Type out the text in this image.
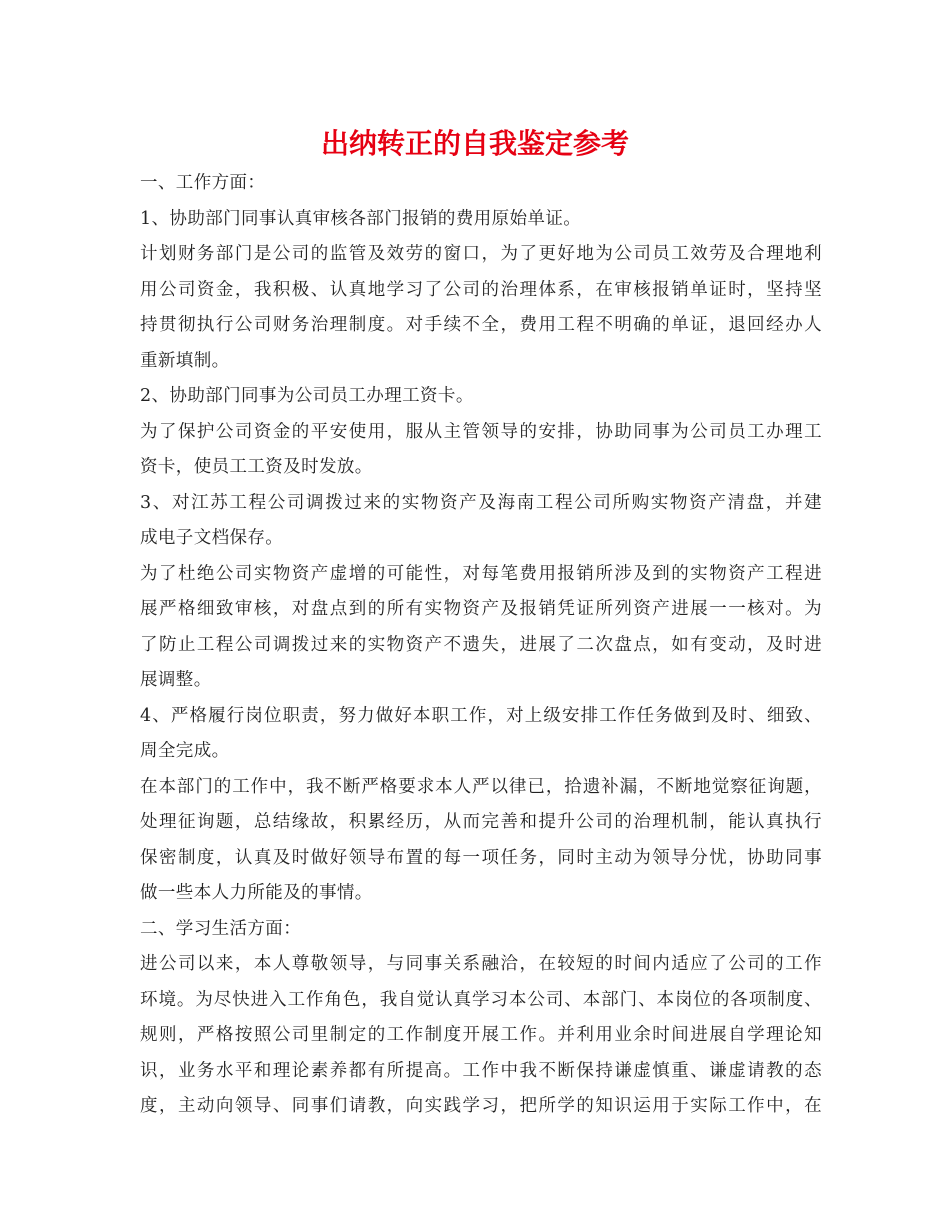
出纳转正的自我鉴定参考
一、工作方面：
1、协助部门同事认真审核各部门报销的费用原始单证。
计划财务部门是公司的监管及效劳的窗口，为了更好地为公司员工效劳及合理地利
用公司资金，我积极、认真地学习了公司的治理体系，在审核报销单证时，坚持坚
持贯彻执行公司财务治理制度。对手续不全，费用工程不明确的单证，退回经办人
重新填制。
2、协助部门同事为公司员工办理工资卡。
为了保护公司资金的平安使用，服从主管领导的安排，协助同事为公司员工办理工
资卡，使员工工资及时发放。
3、对江苏工程公司调拨过来的实物资产及海南工程公司所购实物资产清盘，并建
成电子文档保存。
为了杜绝公司实物资产虚增的可能性，对每笔费用报销所涉及到的实物资产工程进
展严格细致审核，对盘点到的所有实物资产及报销凭证所列资产进展一一核对。为
了防止工程公司调拨过来的实物资产不遗失，进展了二次盘点，如有变动，及时进
展调整。
4、严格履行岗位职责，努力做好本职工作，对上级安排工作任务做到及时、细致、
周全完成。
在本部门的工作中，我不断严格要求本人严以律已，拾遗补漏，不断地觉察征询题，
处理征询题，总结缘故，积累经历，从而完善和提升公司的治理机制，能认真执行
保密制度，认真及时做好领导布置的每一项任务，同时主动为领导分忧，协助同事
做一些本人力所能及的事情。
二、学习生活方面：
进公司以来，本人尊敬领导，与同事关系融洽，在较短的时间内适应了公司的工作
环境。为尽快进入工作角色，我自觉认真学习本公司、本部门、本岗位的各项制度、
规则，严格按照公司里制定的工作制度开展工作。并利用业余时间进展自学理论知
识，业务水平和理论素养都有所提高。工作中我不断保持谦虚慎重、谦虚请教的态
度，主动向领导、同事们请教，向实践学习，把所学的知识运用于实际工作中，在
